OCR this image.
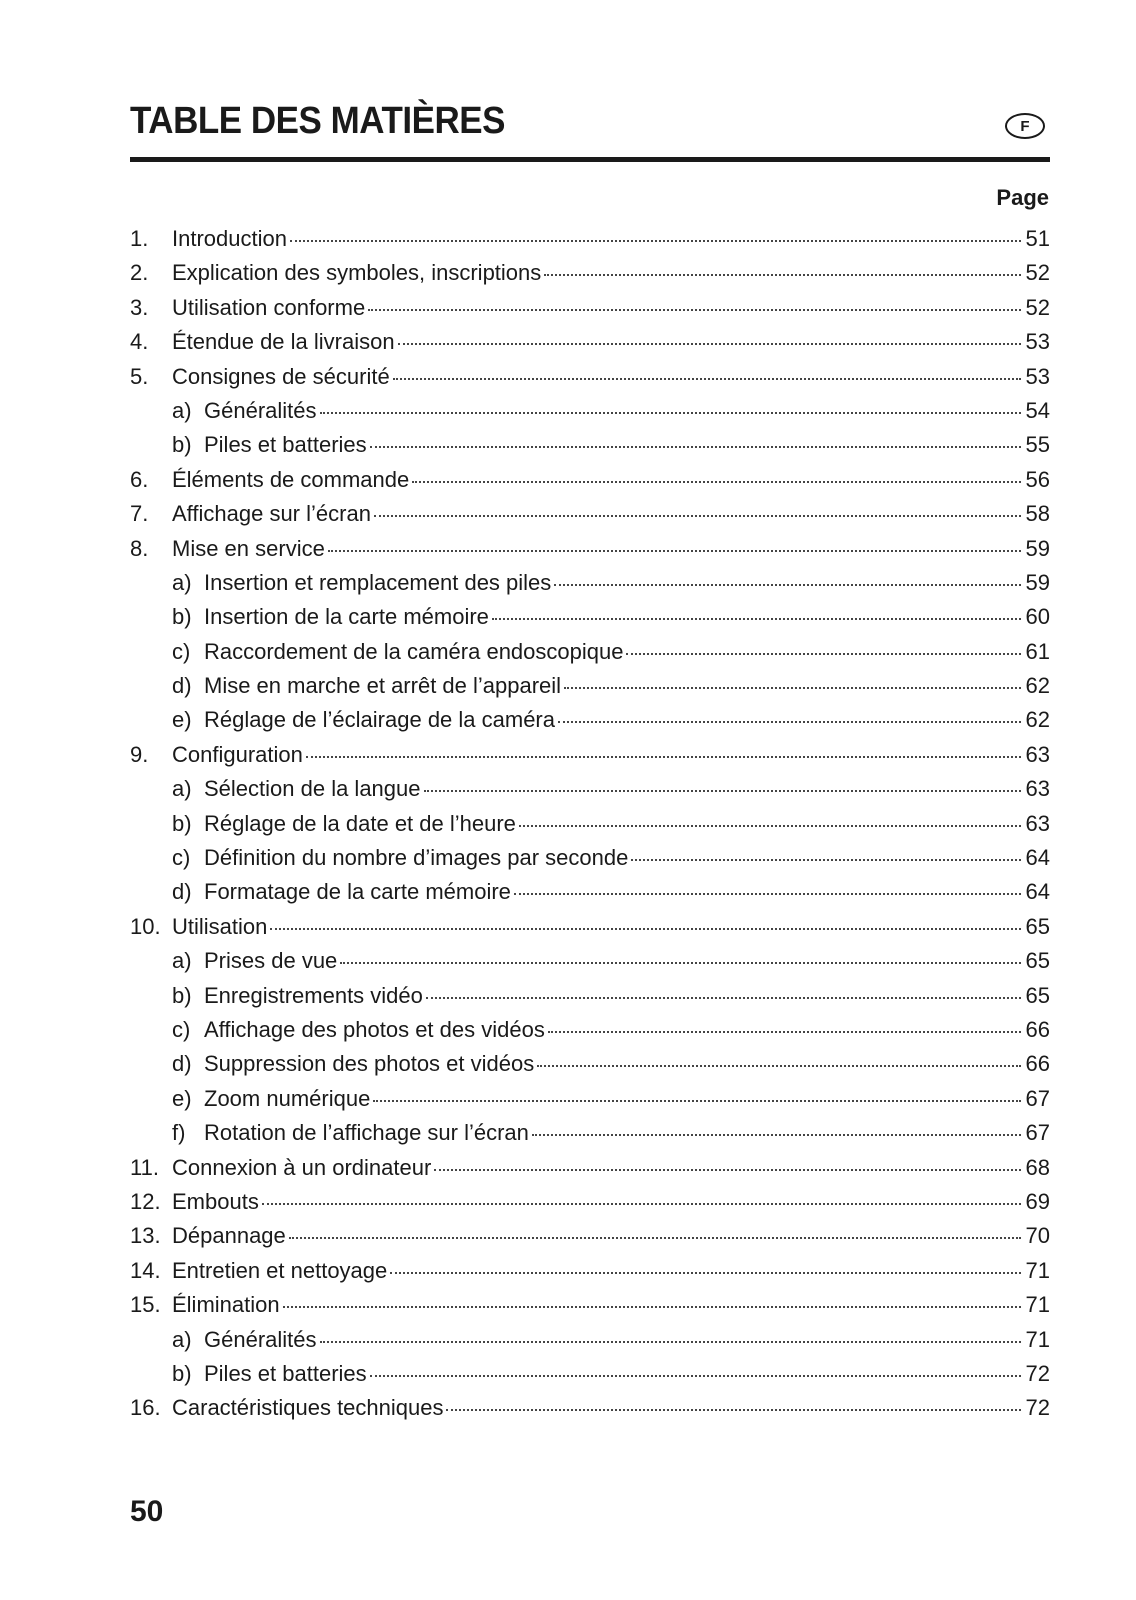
TABLE DES MATIÈRES	F
Page
1.	Introduction	51
2.	Explication des symboles, inscriptions	52
3.	Utilisation conforme	52
4.	Étendue de la livraison	53
5.	Consignes de sécurité	53
a) Généralités	54
b) Piles et batteries	55
6.	Éléments de commande	56
7.	Affichage sur l’écran	58
8.	Mise en service	59
a) Insertion et remplacement des piles	59
b) Insertion de la carte mémoire	60
c) Raccordement de la caméra endoscopique	61
d) Mise en marche et arrêt de l’appareil	62
e) Réglage de l’éclairage de la caméra	62
9.	Configuration	63
a) Sélection de la langue	63
b) Réglage de la date et de l’heure	63
c) Définition du nombre d’images par seconde	64
d) Formatage de la carte mémoire	64
10. Utilisation	65
a) Prises de vue	65
b) Enregistrements vidéo	65
c) Affichage des photos et des vidéos	66
d) Suppression des photos et vidéos	66
e) Zoom numérique	67
f) Rotation de l’affichage sur l’écran	67
11. Connexion à un ordinateur	68
12. Embouts	69
13. Dépannage	70
14. Entretien et nettoyage	71
15. Élimination	71
a) Généralités	71
b) Piles et batteries	72
16. Caractéristiques techniques	72
50
